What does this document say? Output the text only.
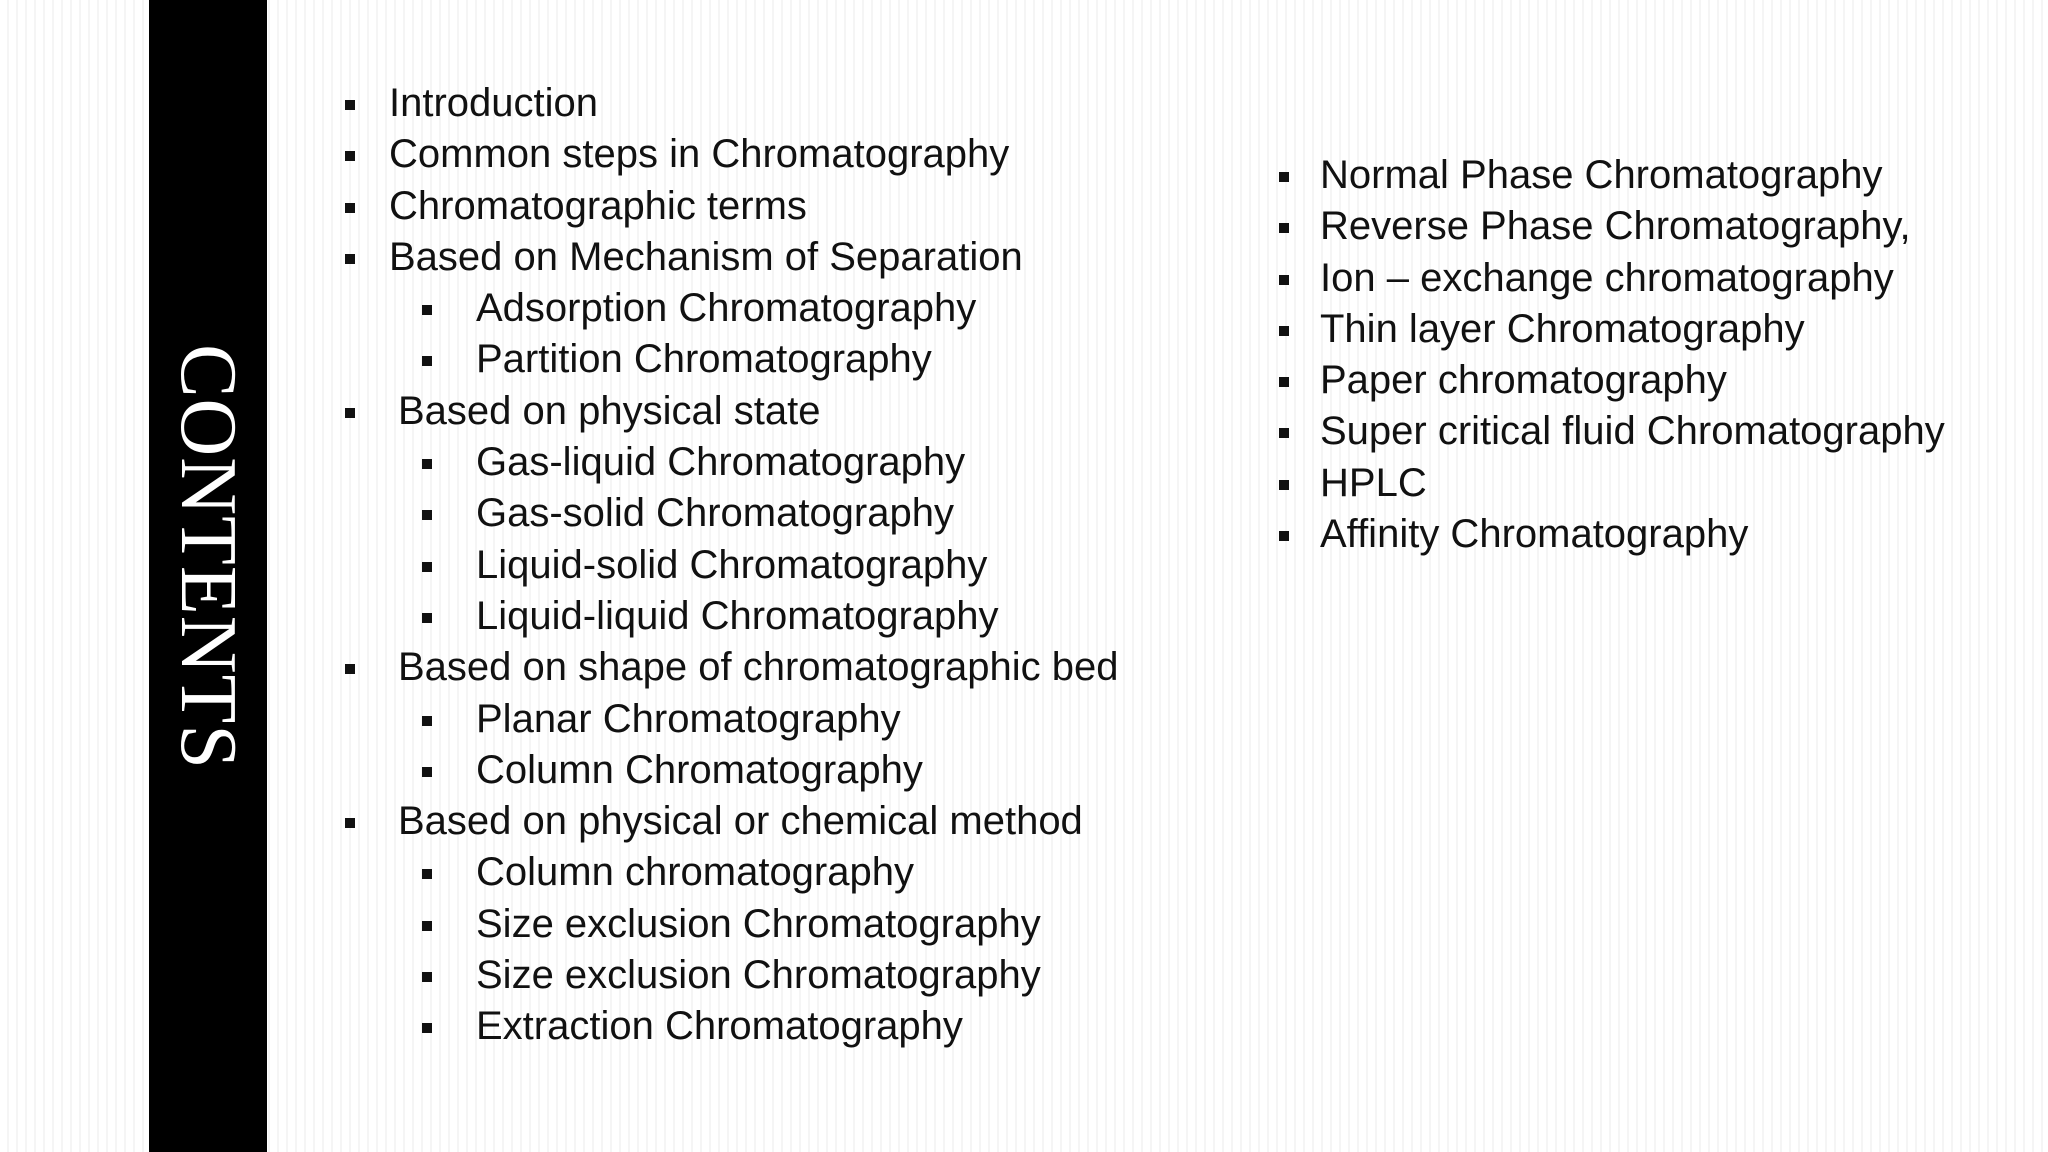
CONTENTS
Introduction
Common steps in Chromatography
Chromatographic terms
Based on Mechanism of Separation
Adsorption Chromatography
Partition Chromatography
Based on physical state
Gas-liquid Chromatography
Gas-solid Chromatography
Liquid-solid Chromatography
Liquid-liquid Chromatography
Based on shape of chromatographic bed
Planar Chromatography
Column Chromatography
Based on physical or chemical method
Column chromatography
Size exclusion Chromatography
Size exclusion Chromatography
Extraction Chromatography
Normal Phase Chromatography
Reverse Phase Chromatography,
Ion – exchange chromatography
Thin layer Chromatography
Paper chromatography
Super critical fluid Chromatography
HPLC
Affinity Chromatography
